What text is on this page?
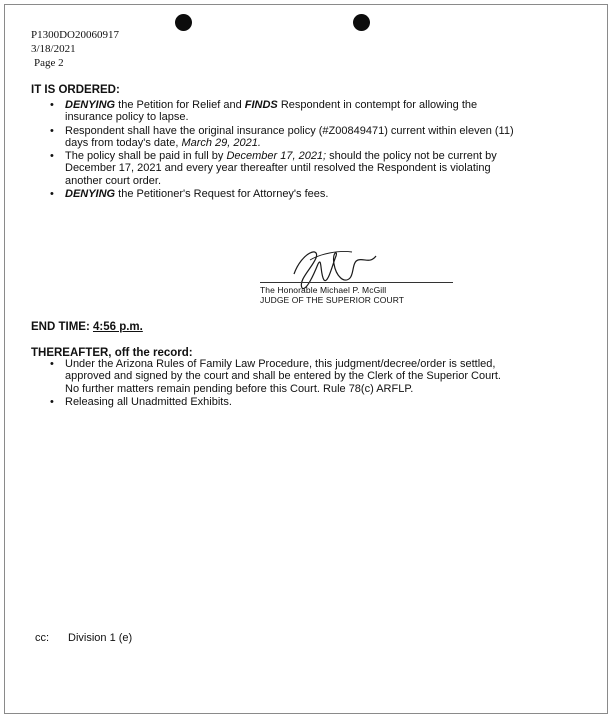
P1300DO20060917
3/18/2021
Page 2
IT IS ORDERED:
• DENYING the Petition for Relief and FINDS Respondent in contempt for allowing the insurance policy to lapse.
• Respondent shall have the original insurance policy (#Z00849471) current within eleven (11) days from today's date, March 29, 2021.
• The policy shall be paid in full by December 17, 2021; should the policy not be current by December 17, 2021 and every year thereafter until resolved the Respondent is violating another court order.
• DENYING the Petitioner's Request for Attorney's fees.
The Honorable Michael P. McGill
JUDGE OF THE SUPERIOR COURT
END TIME: 4:56 p.m.
THEREAFTER, off the record:
• Under the Arizona Rules of Family Law Procedure, this judgment/decree/order is settled, approved and signed by the court and shall be entered by the Clerk of the Superior Court. No further matters remain pending before this Court. Rule 78(c) ARFLP.
• Releasing all Unadmitted Exhibits.
cc: Division 1 (e)
